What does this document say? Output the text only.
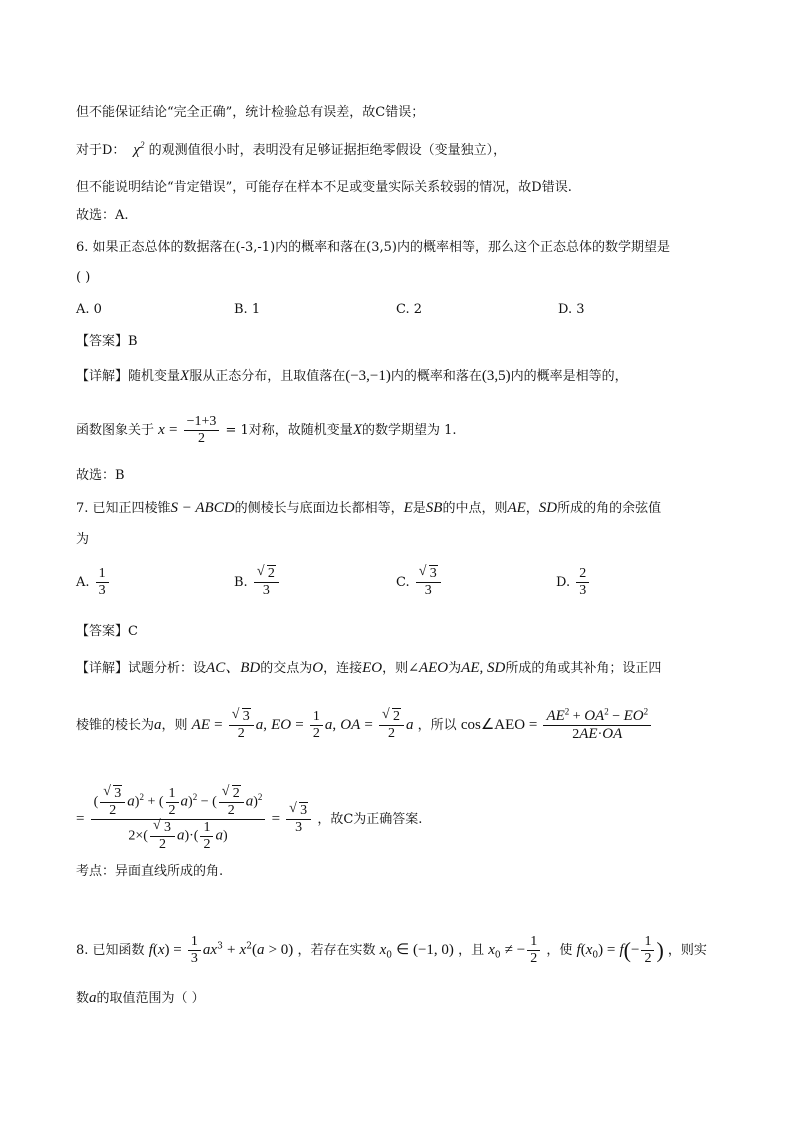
但不能保证结论“完全正确”，统计检验总有误差，故C错误；
对于D：  $\chi^2$ 的观测值很小时，表明没有足够证据拒绝零假设（变量独立），
但不能说明结论“肯定错误”，可能存在样本不足或变量实际关系较弱的情况，故D错误.
故选：A.
6. 如果正态总体的数据落在(-3,-1)内的概率和落在(3,5)内的概率相等，那么这个正态总体的数学期望是
( )
A. 0	B. 1	C. 2	D. 3
【答案】B
【详解】随机变量X服从正态分布，且取值落在(−3,−1)内的概率和落在(3,5)内的概率是相等的，
函数图象关于 $x = \frac{-1+3}{2} = 1$对称，故随机变量X的数学期望为 1.
故选：B
7. 已知正四棱锥S − ABCD的侧棱长与底面边长都相等，E是SB的中点，则AE，SD所成的角的余弦值
为
A. $\frac{1}{3}$	B.
√ $\frac{2}{3}$	C.
√ $\frac{3}{3}$	D. $\frac{2}{3}$
【答案】C
【详解】试题分析：设AC、BD的交点为O，连接EO，则∠AEO为AE, SD所成的角或其补角；设正四
棱锥的棱长为a，则 AE =
√ $\frac{3}{2} a$, EO = $\frac{1}{2} a$, OA =
√ $\frac{2}{2}$ a ，所以 cos∠AEO = $\frac{AE^2 + OA^2 - EO^2}{2AE\cdot OA}$
= (
√ $\frac{3}{2} a)^2$ + ( $\frac{1}{2} a)^2$ − (
√ $\frac{2}{2} a)^2$
2×(
√ $\frac{3}{2} a)\cdot( \frac{1}{2} a)$ =
√ $\frac{3}{3}$ ，故C为正确答案.
考点：异面直线所成的角.
8. 已知函数 $f(x) = \frac{1}{3} ax^3 + x^2(a > 0)$ ，若存在实数 $x_0$ ∈ (−1, 0) ，且 $x_0$ ≠ − $\frac{1}{2}$ ，使 $f(x_0) = f(- \frac{1}{2}$ ) ，则实
数a的取值范围为（ ）
